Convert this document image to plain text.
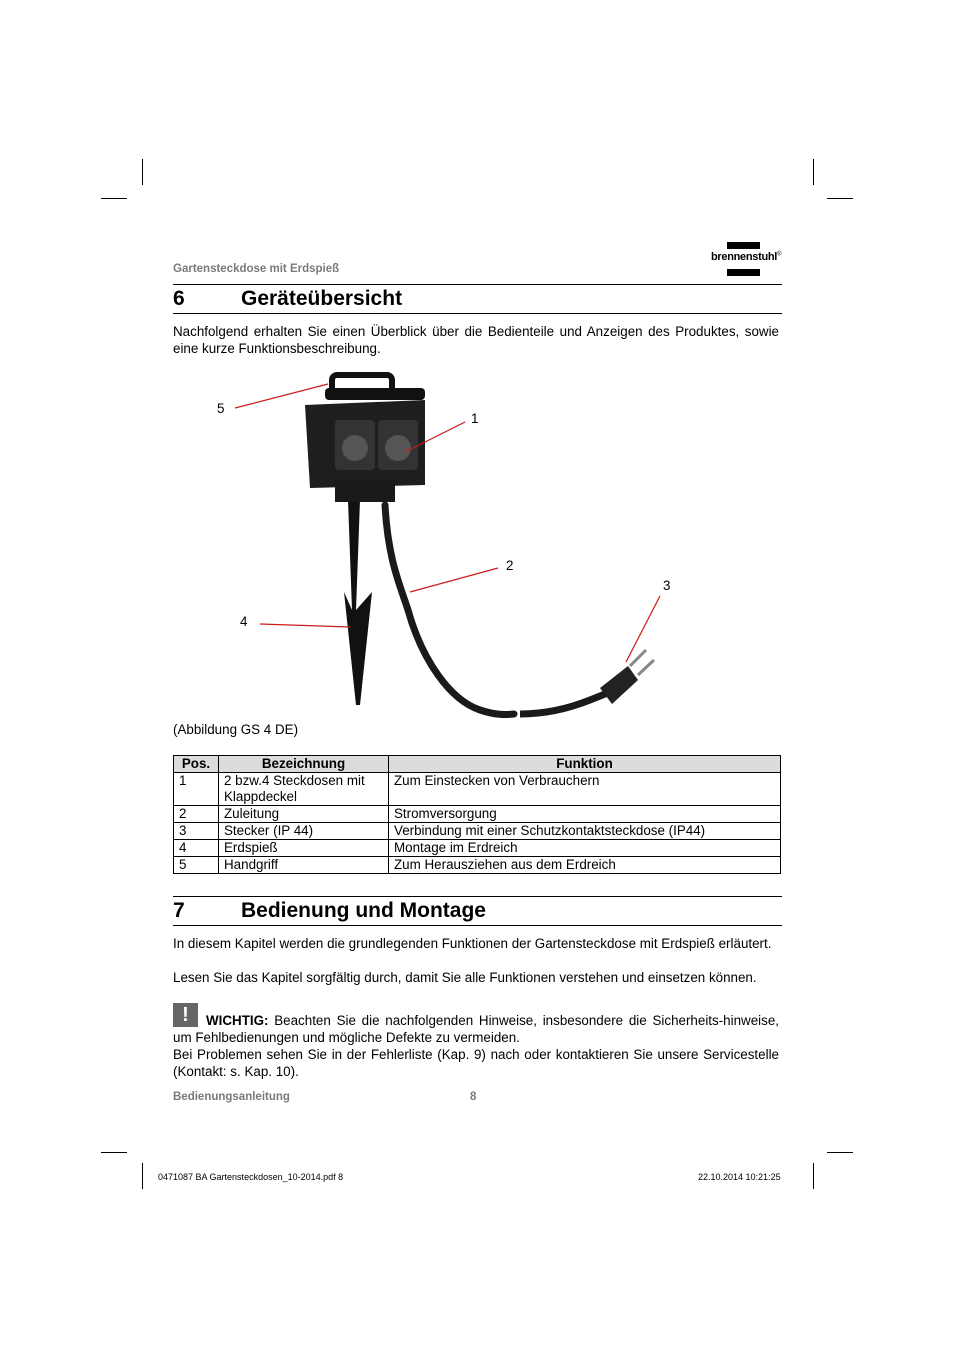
Gartensteckdose mit Erdspieß
brennenstuhl®
6	Geräteübersicht
Nachfolgend erhalten Sie einen Überblick über die Bedienteile und Anzeigen des Produktes, sowie eine kurze Funktionsbeschreibung.
5
1
2
3
4
(Abbildung GS 4 DE)
Pos.	Bezeichnung	Funktion
1	2 bzw.4 Steckdosen mit Klappdeckel	Zum Einstecken von Verbrauchern
2	Zuleitung	Stromversorgung
3	Stecker (IP 44)	Verbindung mit einer Schutzkontaktsteckdose (IP44)
4	Erdspieß	Montage im Erdreich
5	Handgriff	Zum Herausziehen aus dem Erdreich
7	Bedienung und Montage
In diesem Kapitel werden die grundlegenden Funktionen der Gartensteckdose mit Erdspieß erläutert.
Lesen Sie das Kapitel sorgfältig durch, damit Sie alle Funktionen verstehen und einsetzen können.
!	WICHTIG: Beachten Sie die nachfolgenden Hinweise, insbesondere die Sicherheits-hinweise, um Fehlbedienungen und mögliche Defekte zu vermeiden.
Bei Problemen sehen Sie in der Fehlerliste (Kap. 9) nach oder kontaktieren Sie unsere Servicestelle (Kontakt: s. Kap. 10).
Bedienungsanleitung	8
0471087 BA Gartensteckdosen_10-2014.pdf 8	22.10.2014 10:21:25
